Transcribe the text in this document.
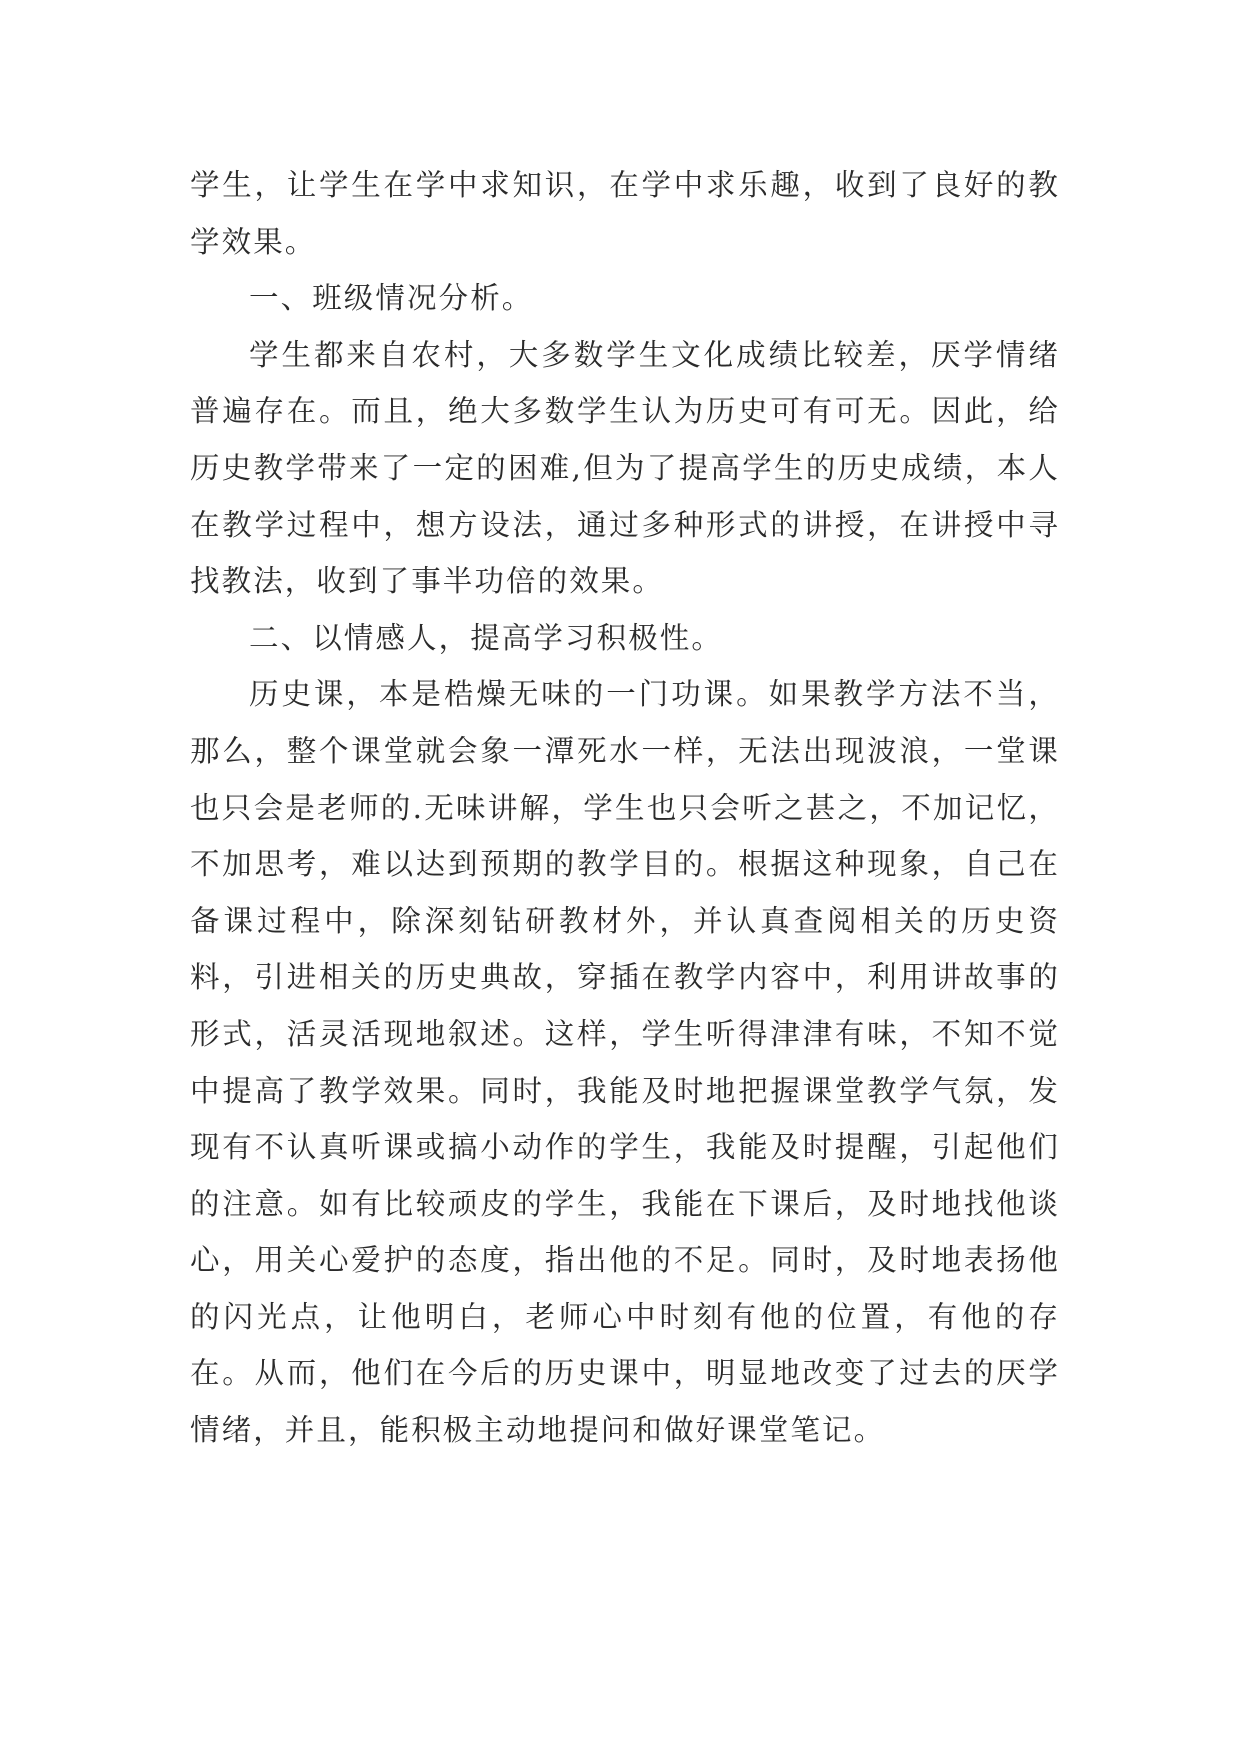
学生，让学生在学中求知识，在学中求乐趣，收到了良好的教学效果。

一、班级情况分析。

学生都来自农村，大多数学生文化成绩比较差，厌学情绪普遍存在。而且，绝大多数学生认为历史可有可无。因此，给历史教学带来了一定的困难,但为了提高学生的历史成绩，本人在教学过程中，想方设法，通过多种形式的讲授，在讲授中寻找教法，收到了事半功倍的效果。

二、以情感人，提高学习积极性。

历史课，本是梏燥无味的一门功课。如果教学方法不当，那么，整个课堂就会象一潭死水一样，无法出现波浪，一堂课也只会是老师的.无味讲解，学生也只会听之甚之，不加记忆，不加思考，难以达到预期的教学目的。根据这种现象，自己在备课过程中，除深刻钻研教材外，并认真查阅相关的历史资料，引进相关的历史典故，穿插在教学内容中，利用讲故事的形式，活灵活现地叙述。这样，学生听得津津有味，不知不觉中提高了教学效果。同时，我能及时地把握课堂教学气氛，发现有不认真听课或搞小动作的学生，我能及时提醒，引起他们的注意。如有比较顽皮的学生，我能在下课后，及时地找他谈心，用关心爱护的态度，指出他的不足。同时，及时地表扬他的闪光点，让他明白，老师心中时刻有他的位置，有他的存在。从而，他们在今后的历史课中，明显地改变了过去的厌学情绪，并且，能积极主动地提问和做好课堂笔记。
